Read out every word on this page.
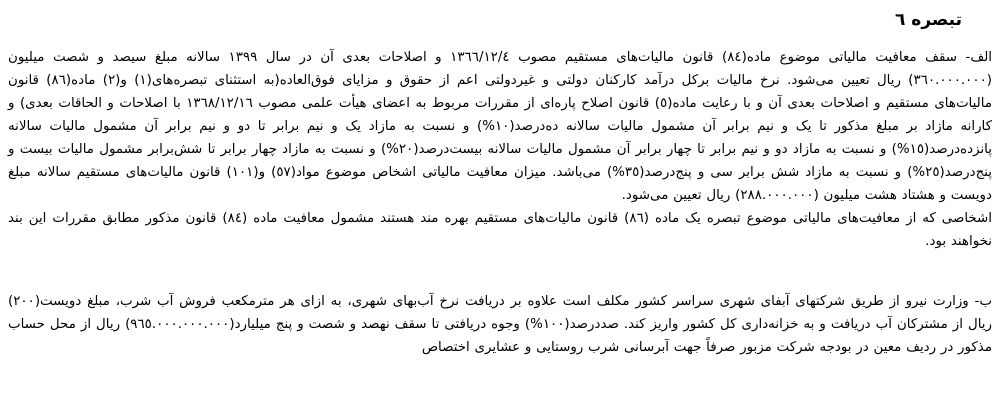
تبصره ٦

الف- سقف معافیت مالیاتی موضوع ماده(٨٤) قانون مالیات‌های مستقیم مصوب ١٣٦٦/١٢/٤ و اصلاحات بعدی آن در سال ١٣٩٩ سالانه مبلغ سیصد و شصت میلیون (٣٦٠.٠٠٠.٠٠٠) ریال تعیین می‌شود. نرخ مالیات برکل درآمد کارکنان دولتی و غیردولتی اعم از حقوق و مزایای فوق‌العاده(به استثنای تبصره‌های(١) و(٢) ماده(٨٦) قانون مالیات‌های مستقیم و اصلاحات بعدی آن و با رعایت ماده(٥) قانون اصلاح پاره‌ای از مقررات مربوط به اعضای هیأت علمی مصوب ١٣٦٨/١٢/١٦ با اصلاحات و الحاقات بعدی) و کارانه مازاد بر مبلغ مذکور تا یک و نیم برابر آن مشمول مالیات سالانه ده‌درصد(١٠%) و نسبت به مازاد یک و نیم برابر تا دو و نیم برابر آن مشمول مالیات سالانه پانزده‌درصد(١٥%) و نسبت به مازاد دو و نیم برابر تا چهار برابر آن مشمول مالیات سالانه بیست‌درصد(٢٠%) و نسبت به مازاد چهار برابر تا شش‌برابر مشمول مالیات بیست و پنج‌درصد(٢٥%) و نسبت به مازاد شش برابر سی و پنج‌درصد(٣٥%) می‌باشد. میزان معافیت مالیاتی اشخاص موضوع مواد(٥٧) و(١٠١) قانون مالیات‌های مستقیم سالانه مبلغ دویست و هشتاد هشت میلیون (٢٨٨.٠٠٠.٠٠٠) ریال تعیین می‌شود.

اشخاصی که از معافیت‌های مالیاتی موضوع تبصره یک ماده (٨٦) قانون مالیات‌های مستقیم بهره مند هستند مشمول معافیت ماده (٨٤) قانون مذکور مطابق مقررات این بند نخواهند بود.

ب- وزارت نیرو از طریق شرکتهای آبفای شهری سراسر کشور مکلف است علاوه بر دریافت نرخ آب‌بهای شهری، به ازای هر مترمکعب فروش آب شرب، مبلغ دویست(٢٠٠) ریال از مشترکان آب دریافت و به خزانه‌داری کل کشور واریز کند. صددرصد(١٠٠%) وجوه دریافتی تا سقف نهصد و شصت و پنج میلیارد(٩٦٥.٠٠٠.٠٠٠.٠٠٠) ریال از محل حساب مذکور در ردیف معین در بودجه شرکت مزبور صرفاً جهت آبرسانی شرب روستایی و عشایری اختصاص
